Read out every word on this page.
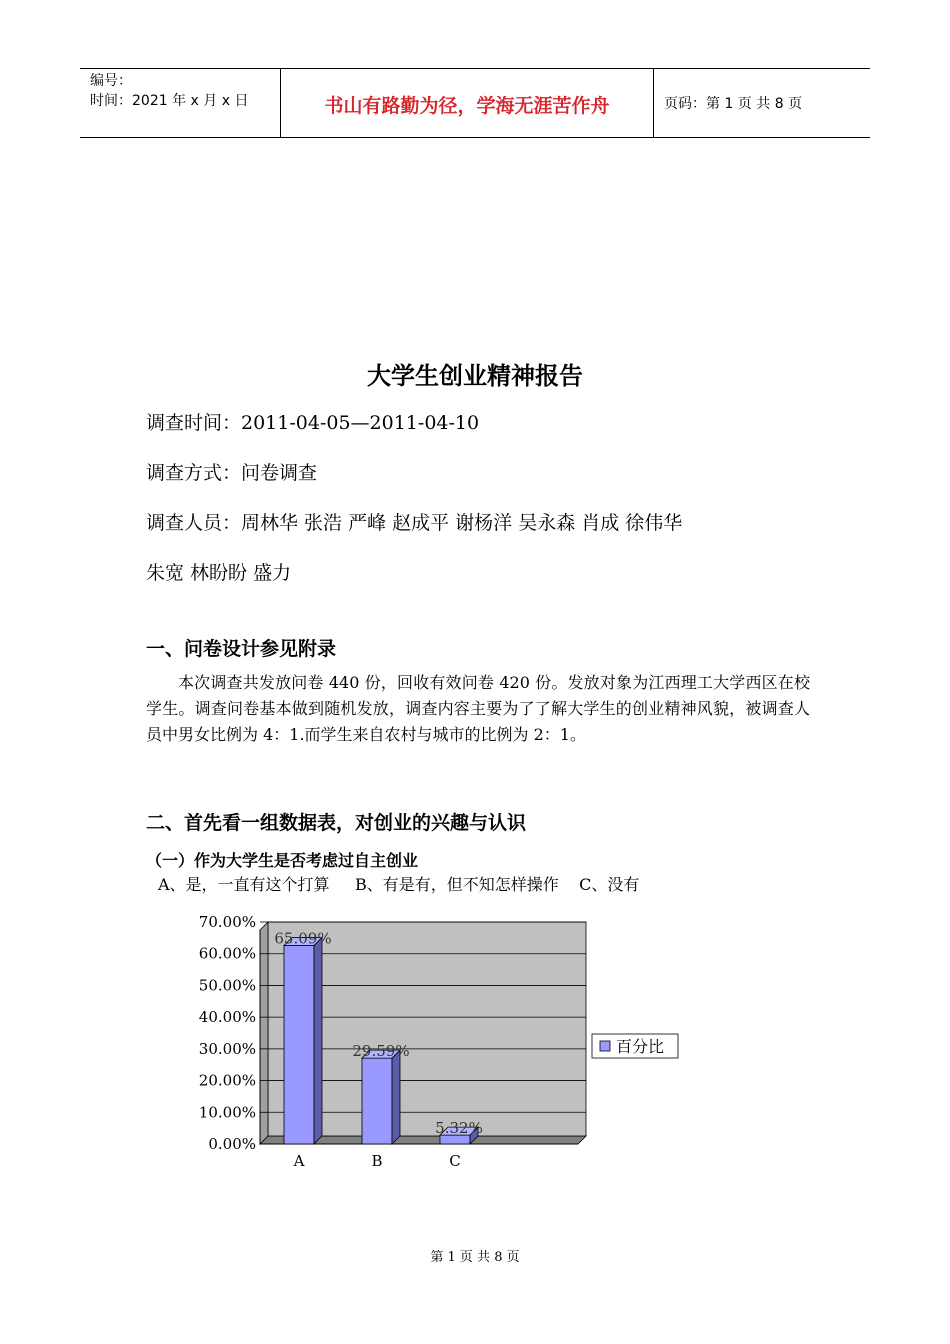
编号：
时间：2021 年 x 月 x 日	书山有路勤为径，学海无涯苦作舟	页码：第 1 页 共 8 页
大学生创业精神报告
调查时间：2011-04-05—2011-04-10
调查方式：问卷调查
调查人员：周林华 张浩 严峰 赵成平 谢杨洋 吴永森 肖成 徐伟华
朱宽 林盼盼 盛力
一、问卷设计参见附录
本次调查共发放问卷 440 份，回收有效问卷 420 份。发放对象为江西理工大学西区在校学生。调查问卷基本做到随机发放，调查内容主要为了了解大学生的创业精神风貌，被调查人员中男女比例为 4：1.而学生来自农村与城市的比例为 2：1。
二、首先看一组数据表，对创业的兴趣与认识
（一）作为大学生是否考虑过自主创业
A、是，一直有这个打算     B、有是有，但不知怎样操作    C、没有
0.00%
10.00%
20.00%
30.00%
40.00%
50.00%
60.00%
70.00%
65.09%
A
29.59%
B
5.32%
C
百分比
第 1 页 共 8 页
